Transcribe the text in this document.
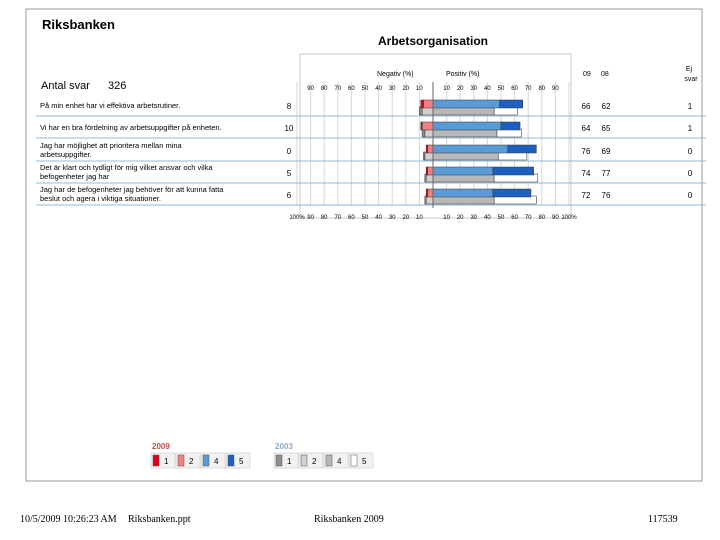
Riksbanken
Arbetsorganisation
Negativ (%)	Positiv (%)	09 08
Ej
svar
Antal svar 326	90 80 70 60 50 40 30 20 10	10 20 30 40 50 60 70 80 90
100% 90 80 70 60 50 40 30 20 10	10 20 30 40 50 60 70 80 90 100%
På min enhet har vi effektiva arbetsrutiner.	8	66 62	1
Vi har en bra fördelning av arbetsuppgifter på enheten.	10	64 65	1
Jag har möjlighet att prioritera mellan mina
arbetsuppgifter.	0	76 69	0
Det är klart och tydligt för mig vilket ansvar och vilka
befogenheter jag har	5	74 77	0
Jag har de befogenheter jag behöver för att kunna fatta
beslut och agera i viktiga situationer.	6	72 76	0
2009
1	2	4	5
2003
1	2	4	5
10/5/2009 10:26:23 AM Riksbanken.ppt	Riksbanken 2009	117539
